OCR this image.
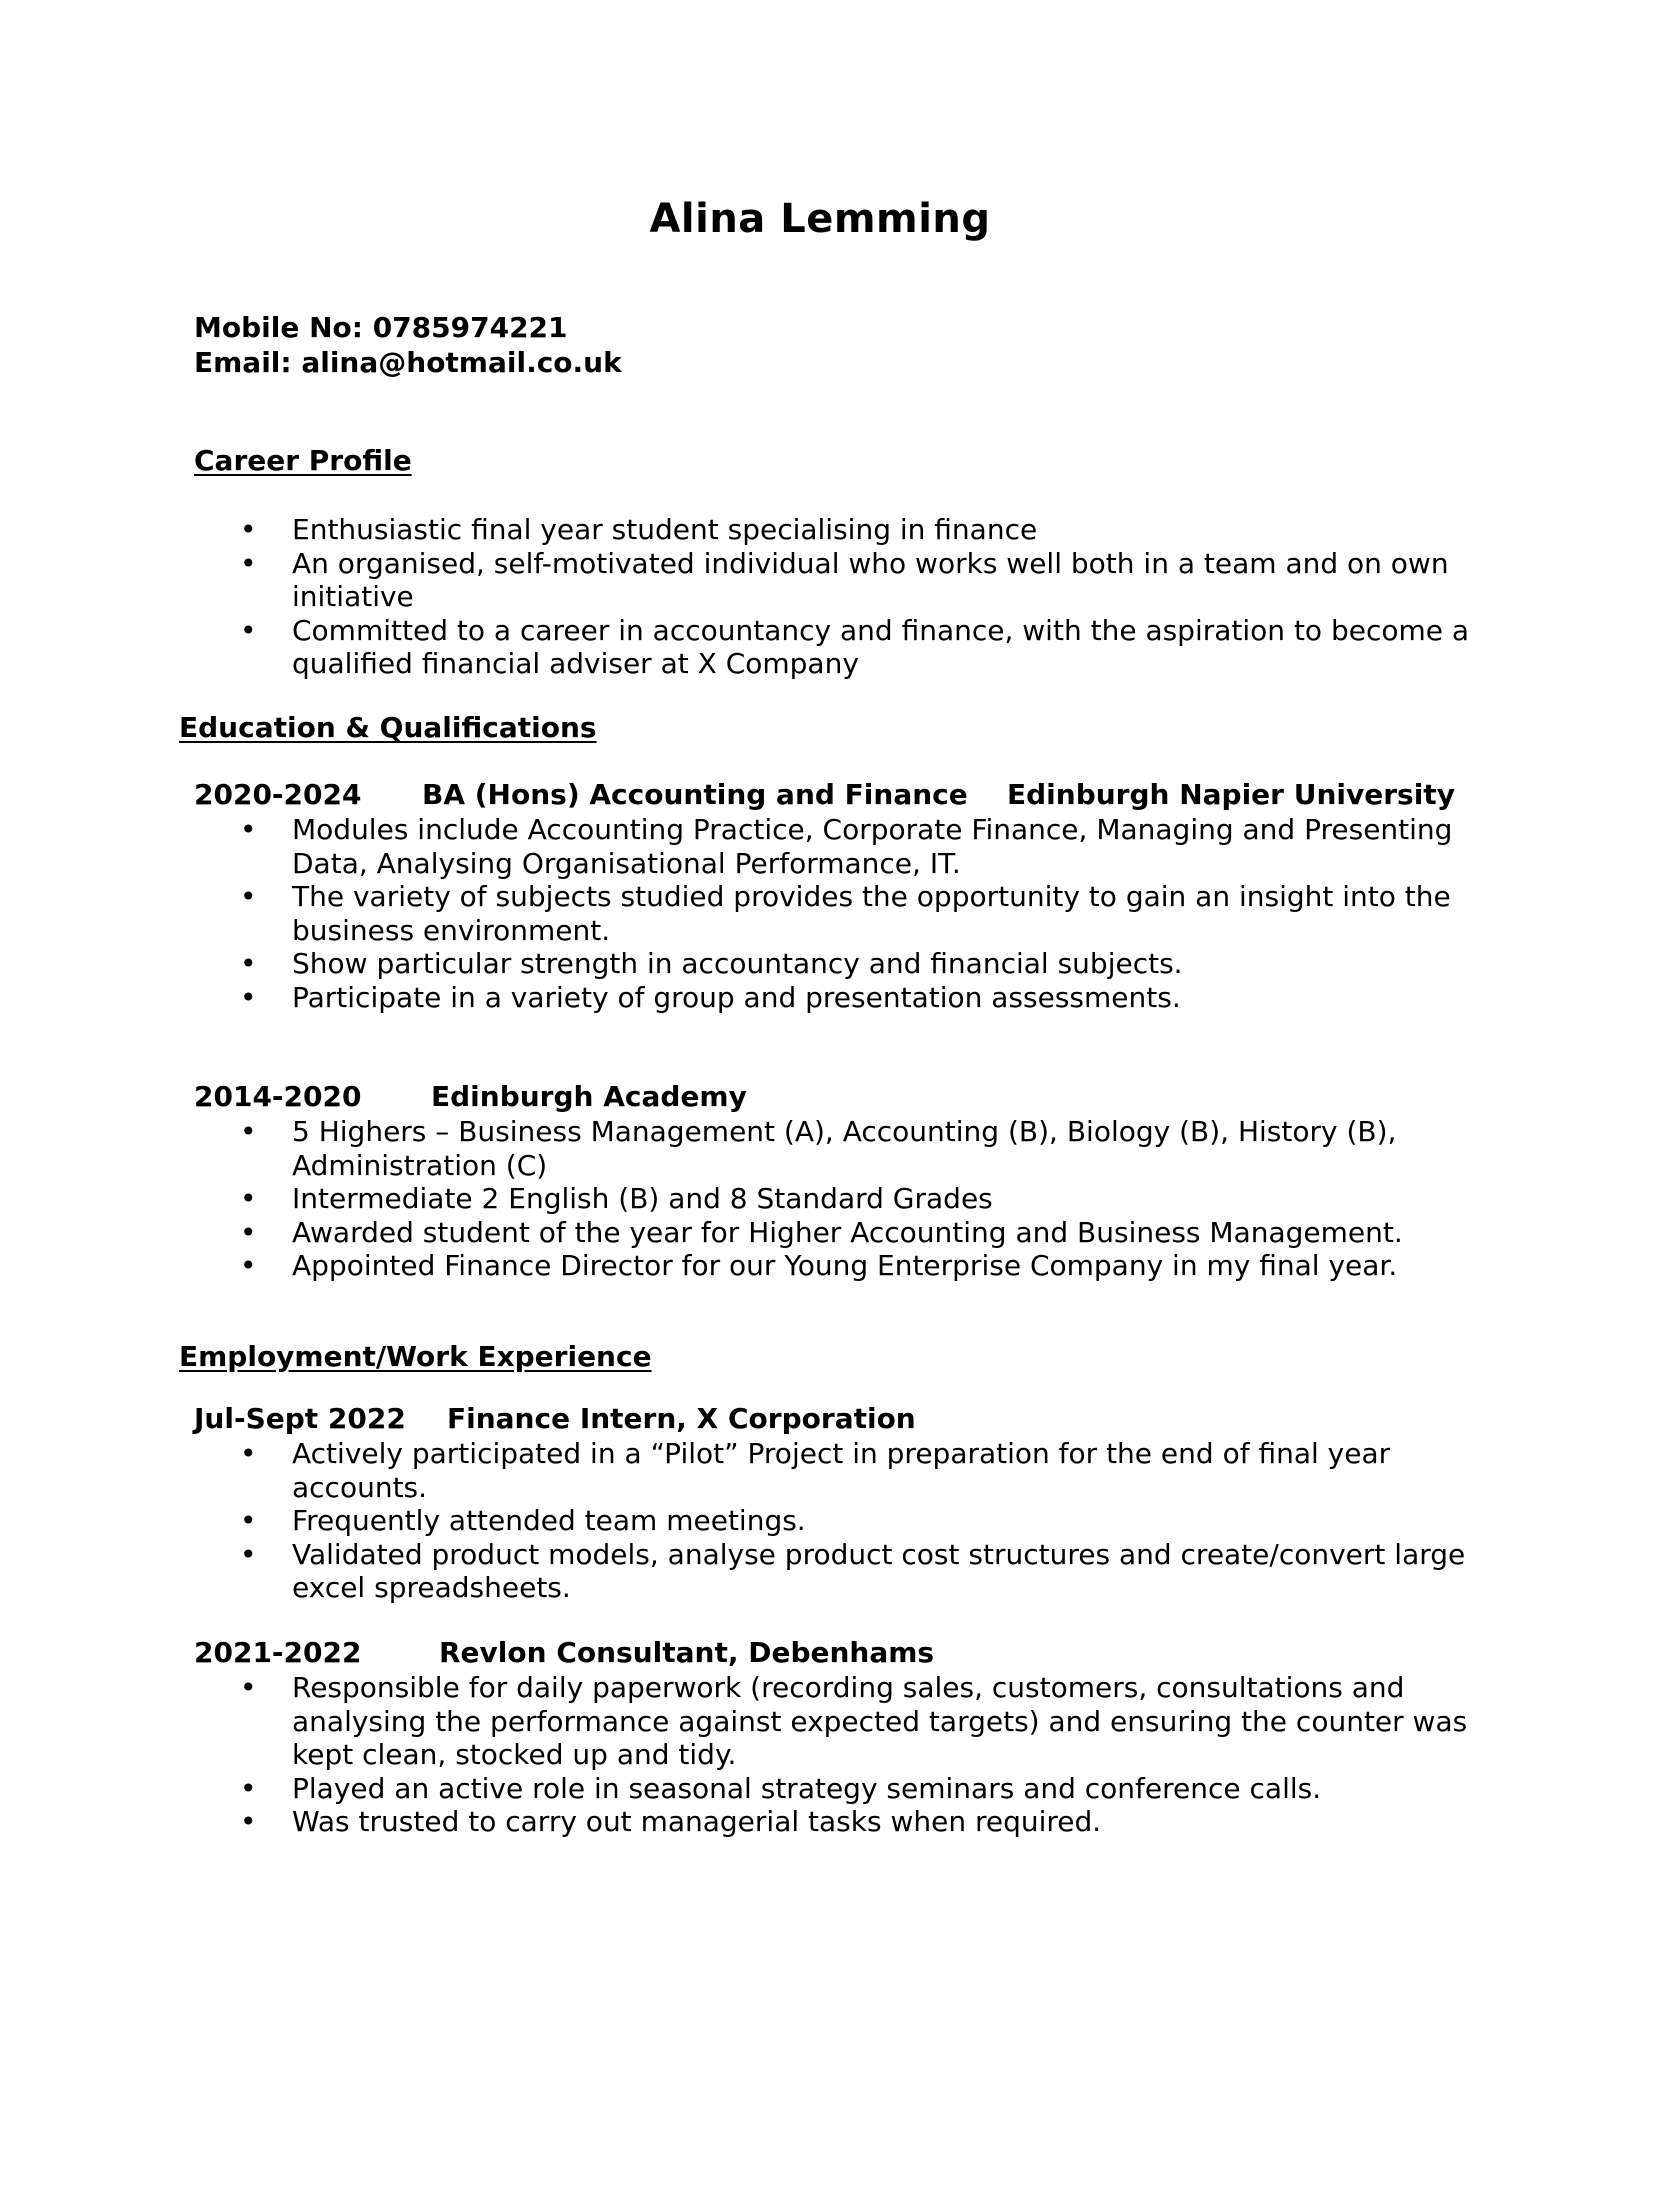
Alina Lemming
Mobile No: 0785974221
Email: alina@hotmail.co.uk
Career Profile
• Enthusiastic final year student specialising in finance
• An organised, self-motivated individual who works well both in a team and on own initiative
• Committed to a career in accountancy and finance, with the aspiration to become a qualified financial adviser at X Company
Education & Qualifications
2020-2024 BA (Hons) Accounting and Finance Edinburgh Napier University
• Modules include Accounting Practice, Corporate Finance, Managing and Presenting Data, Analysing Organisational Performance, IT.
• The variety of subjects studied provides the opportunity to gain an insight into the business environment.
• Show particular strength in accountancy and financial subjects.
• Participate in a variety of group and presentation assessments.
2014-2020 Edinburgh Academy
• 5 Highers – Business Management (A), Accounting (B), Biology (B), History (B), Administration (C)
• Intermediate 2 English (B) and 8 Standard Grades
• Awarded student of the year for Higher Accounting and Business Management.
• Appointed Finance Director for our Young Enterprise Company in my final year.
Employment/Work Experience
Jul-Sept 2022 Finance Intern, X Corporation
• Actively participated in a “Pilot” Project in preparation for the end of final year accounts.
• Frequently attended team meetings.
• Validated product models, analyse product cost structures and create/convert large excel spreadsheets.
2021-2022	Revlon Consultant, Debenhams
• Responsible for daily paperwork (recording sales, customers, consultations and analysing the performance against expected targets) and ensuring the counter was kept clean, stocked up and tidy.
• Played an active role in seasonal strategy seminars and conference calls.
• Was trusted to carry out managerial tasks when required.
